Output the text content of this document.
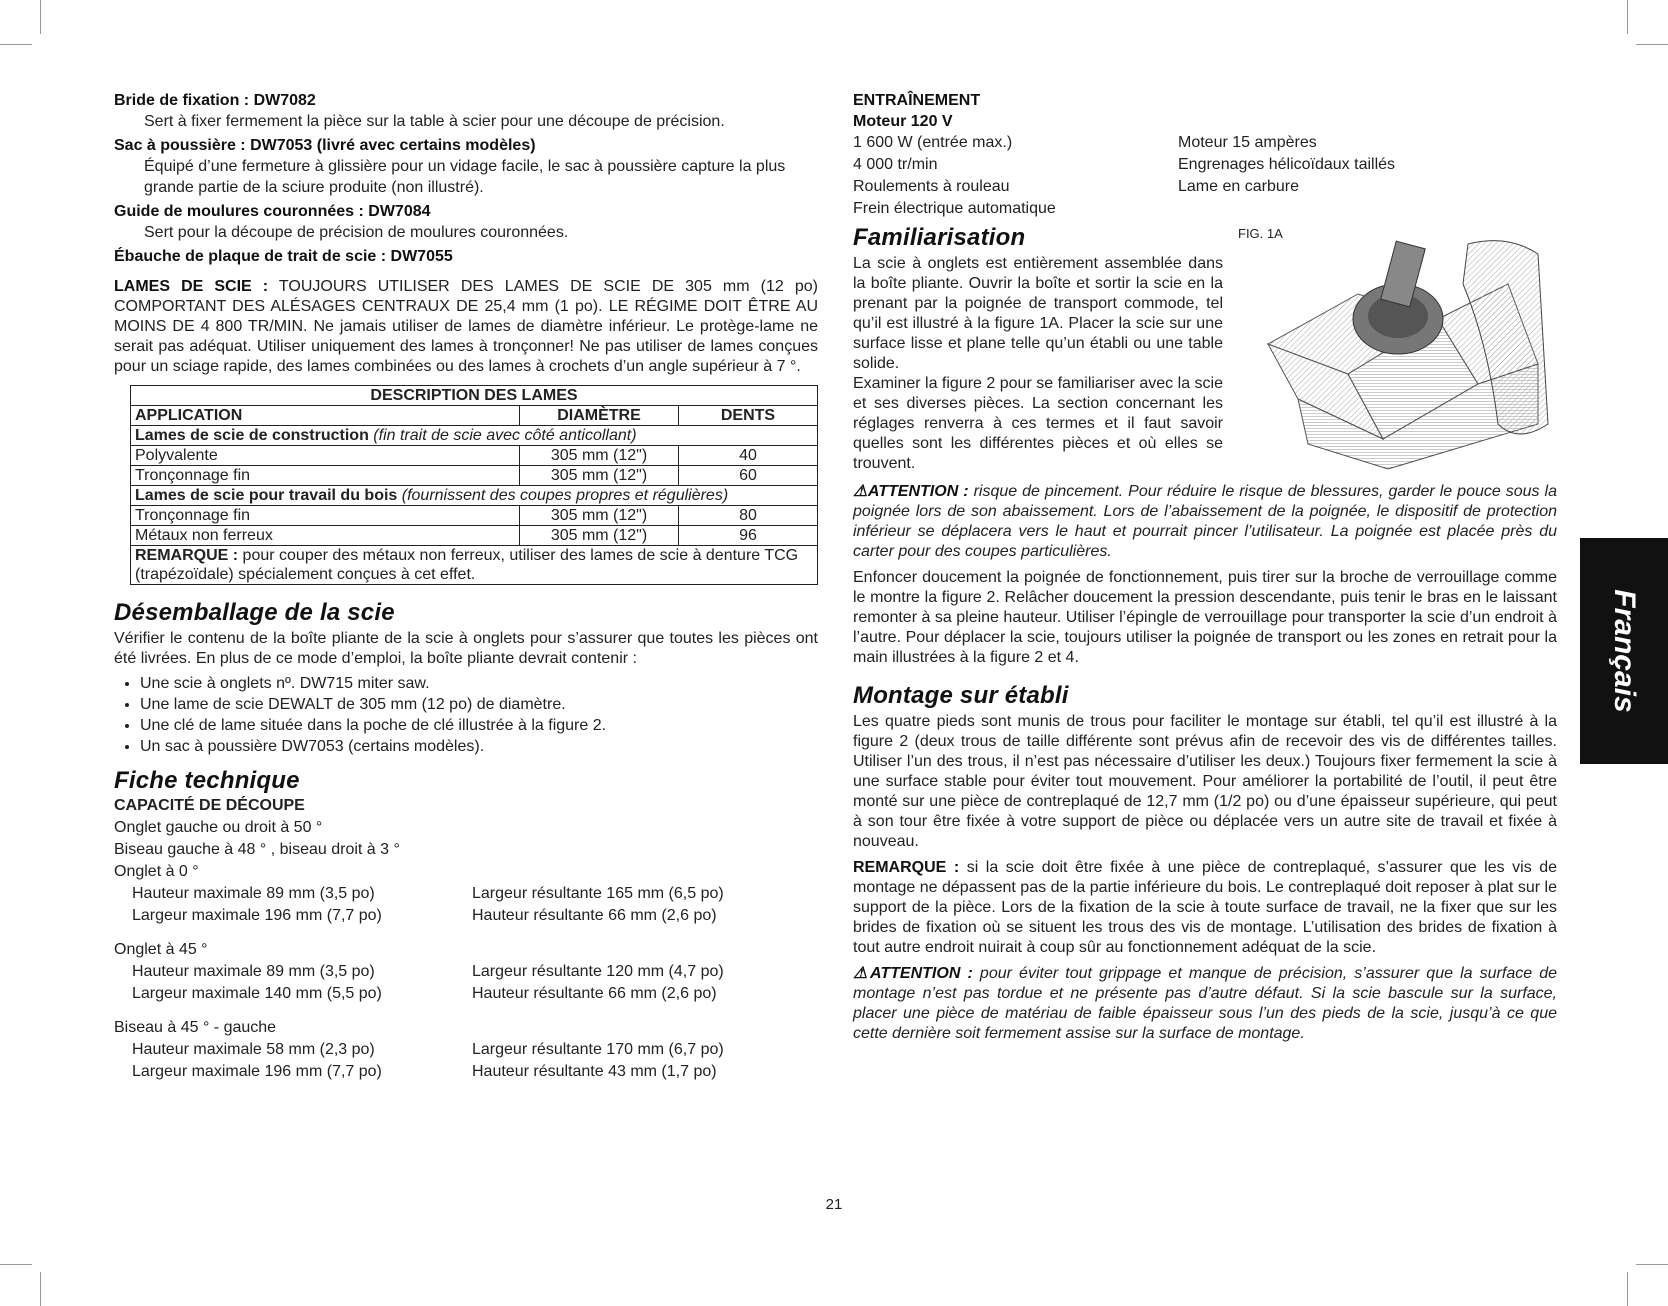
Bride de fixation : DW7082

Sert à fixer fermement la pièce sur la table à scier pour une découpe de précision.

Sac à poussière : DW7053 (livré avec certains modèles)

Équipé d’une fermeture à glissière pour un vidage facile, le sac à poussière capture la plus grande partie de la sciure produite (non illustré).

Guide de moulures couronnées : DW7084

Sert pour la découpe de précision de moulures couronnées.

Ébauche de plaque de trait de scie : DW7055

LAMES DE SCIE : TOUJOURS UTILISER DES LAMES DE SCIE DE 305 mm (12 po) COMPORTANT DES ALÉSAGES CENTRAUX DE 25,4 mm (1 po). LE RÉGIME DOIT ÊTRE AU MOINS DE 4 800 TR/MIN. Ne jamais utiliser de lames de diamètre inférieur. Le protège-lame ne serait pas adéquat. Utiliser uniquement des lames à tronçonner! Ne pas utiliser de lames conçues pour un sciage rapide, des lames combinées ou des lames à crochets d’un angle supérieur à 7 °.

DESCRIPTION DES LAMES		
APPLICATION	DIAMÈTRE	DENTS
Lames de scie de construction (fin trait de scie avec côté anticollant)		
Polyvalente	305 mm (12")	40
Tronçonnage fin	305 mm (12")	60
Lames de scie pour travail du bois (fournissent des coupes propres et régulières)		
Tronçonnage fin	305 mm (12")	80
Métaux non ferreux	305 mm (12")	96
REMARQUE : pour couper des métaux non ferreux, utiliser des lames de scie à denture TCG (trapézoïdale) spécialement conçues à cet effet.		
Désemballage de la scie

Vérifier le contenu de la boîte pliante de la scie à onglets pour s’assurer que toutes les pièces ont été livrées. En plus de ce mode d’emploi, la boîte pliante devrait contenir :

• Une scie à onglets nº. DW715 miter saw.
• Une lame de scie DEWALT de 305 mm (12 po) de diamètre.
• Une clé de lame située dans la poche de clé illustrée à la figure 2.
• Un sac à poussière DW7053 (certains modèles).
Fiche technique
CAPACITÉ DE DÉCOUPE

Onglet gauche ou droit à 50 °

Biseau gauche à 48 ° , biseau droit à 3 °

Onglet à 0 °

Hauteur maximale 89 mm (3,5 po)	Largeur résultante 165 mm (6,5 po)
Largeur maximale 196 mm (7,7 po)	Hauteur résultante 66 mm (2,6 po)

Onglet à 45 °

Hauteur maximale 89 mm (3,5 po)	Largeur résultante 120 mm (4,7 po)
Largeur maximale 140 mm (5,5 po)	Hauteur résultante 66 mm (2,6 po)

Biseau à 45 ° - gauche

Hauteur maximale 58 mm (2,3 po)	Largeur résultante 170 mm (6,7 po)
Largeur maximale 196 mm (7,7 po)	Hauteur résultante 43 mm (1,7 po)

ENTRAÎNEMENT

Moteur 120 V

1 600 W (entrée max.)	Moteur 15 ampères
4 000 tr/min	Engrenages hélicoïdaux taillés
Roulements à rouleau	Lame en carbure
Frein électrique automatique
Familiarisation
La scie à onglets est entièrement assemblée dans la boîte pliante. Ouvrir la boîte et sortir la scie en la prenant par la poignée de transport commode, tel qu’il est illustré à la figure 1A. Placer la scie sur une surface lisse et plane telle qu’un établi ou une table solide.
Examiner la figure 2 pour se familiariser avec la scie et ses diverses pièces. La section concernant les réglages renverra à ces termes et il faut savoir quelles sont les différentes pièces et où elles se trouvent.
FIG. 1A

⚠ATTENTION : risque de pincement. Pour réduire le risque de blessures, garder le pouce sous la poignée lors de son abaissement. Lors de l’abaissement de la poignée, le dispositif de protection inférieur se déplacera vers le haut et pourrait pincer l’utilisateur. La poignée est placée près du carter pour des coupes particulières.

Enfoncer doucement la poignée de fonctionnement, puis tirer sur la broche de verrouillage comme le montre la figure 2. Relâcher doucement la pression descendante, puis tenir le bras en le laissant remonter à sa pleine hauteur. Utiliser l’épingle de verrouillage pour transporter la scie d’un endroit à l’autre. Pour déplacer la scie, toujours utiliser la poignée de transport ou les zones en retrait pour la main illustrées à la figure 2 et 4.

Montage sur établi

Les quatre pieds sont munis de trous pour faciliter le montage sur établi, tel qu’il est illustré à la figure 2 (deux trous de taille différente sont prévus afin de recevoir des vis de différentes tailles. Utiliser l’un des trous, il n’est pas nécessaire d’utiliser les deux.) Toujours fixer fermement la scie à une surface stable pour éviter tout mouvement. Pour améliorer la portabilité de l’outil, il peut être monté sur une pièce de contreplaqué de 12,7 mm (1/2 po) ou d’une épaisseur supérieure, qui peut à son tour être fixée à votre support de pièce ou déplacée vers un autre site de travail et fixée à nouveau.

REMARQUE : si la scie doit être fixée à une pièce de contreplaqué, s’assurer que les vis de montage ne dépassent pas de la partie inférieure du bois. Le contreplaqué doit reposer à plat sur le support de la pièce. Lors de la fixation de la scie à toute surface de travail, ne la fixer que sur les brides de fixation où se situent les trous des vis de montage. L’utilisation des brides de fixation à tout autre endroit nuirait à coup sûr au fonctionnement adéquat de la scie.

⚠ATTENTION : pour éviter tout grippage et manque de précision, s’assurer que la surface de montage n’est pas tordue et ne présente pas d’autre défaut. Si la scie bascule sur la surface, placer une pièce de matériau de faible épaisseur sous l’un des pieds de la scie, jusqu’à ce que cette dernière soit fermement assise sur la surface de montage.

Français
21
